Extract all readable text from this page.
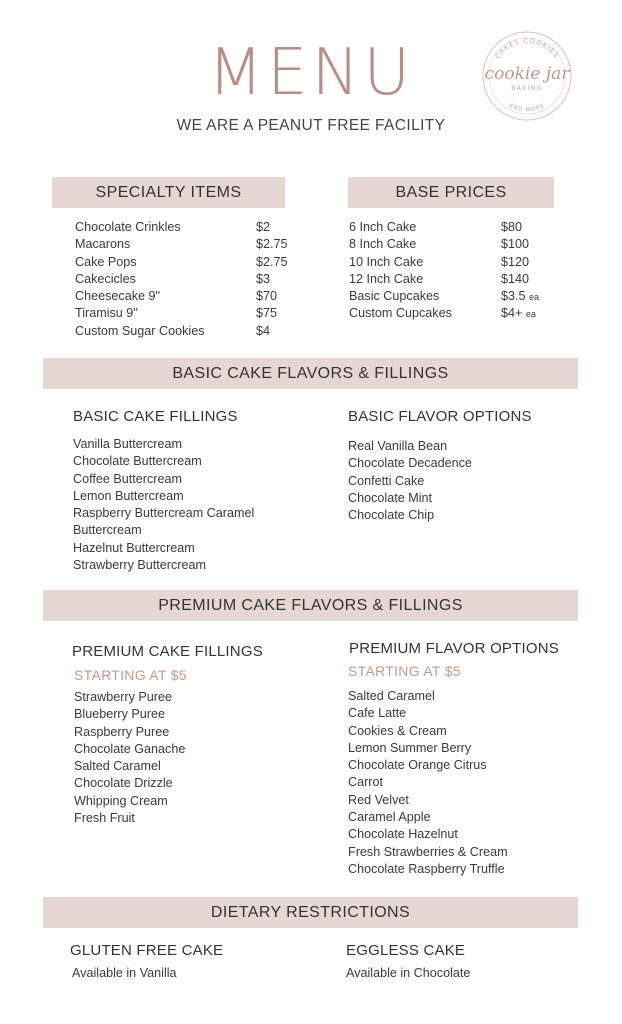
MENU
WE ARE A PEANUT FREE FACILITY
CAKES COOKIES
AND MORE
cookie jar
BAKING
SPECIALTY ITEMS
Chocolate Crinkles	$2
Macarons	$2.75
Cake Pops	$2.75
Cakecicles	$3
Cheesecake 9"	$70
Tiramisu 9"	$75
Custom Sugar Cookies	$4
BASE PRICES
6 Inch Cake	$80
8 Inch Cake	$100
10 Inch Cake	$120
12 Inch Cake	$140
Basic Cupcakes	$3.5 ea
Custom Cupcakes	$4+ ea
BASIC CAKE FLAVORS & FILLINGS
BASIC CAKE FILLINGS
Vanilla Buttercream
Chocolate Buttercream
Coffee Buttercream
Lemon Buttercream
Raspberry Buttercream Caramel
Buttercream
Hazelnut Buttercream
Strawberry Buttercream
BASIC FLAVOR OPTIONS
Real Vanilla Bean
Chocolate Decadence
Confetti Cake
Chocolate Mint
Chocolate Chip
PREMIUM CAKE FLAVORS & FILLINGS
PREMIUM CAKE FILLINGS
STARTING AT $5
Strawberry Puree
Blueberry Puree
Raspberry Puree
Chocolate Ganache
Salted Caramel
Chocolate Drizzle
Whipping Cream
Fresh Fruit
PREMIUM FLAVOR OPTIONS
STARTING AT $5
Salted Caramel
Cafe Latte
Cookies & Cream
Lemon Summer Berry
Chocolate Orange Citrus
Carrot
Red Velvet
Caramel Apple
Chocolate Hazelnut
Fresh Strawberries & Cream
Chocolate Raspberry Truffle
DIETARY RESTRICTIONS
GLUTEN FREE CAKE
Available in Vanilla
EGGLESS CAKE
Available in Chocolate
